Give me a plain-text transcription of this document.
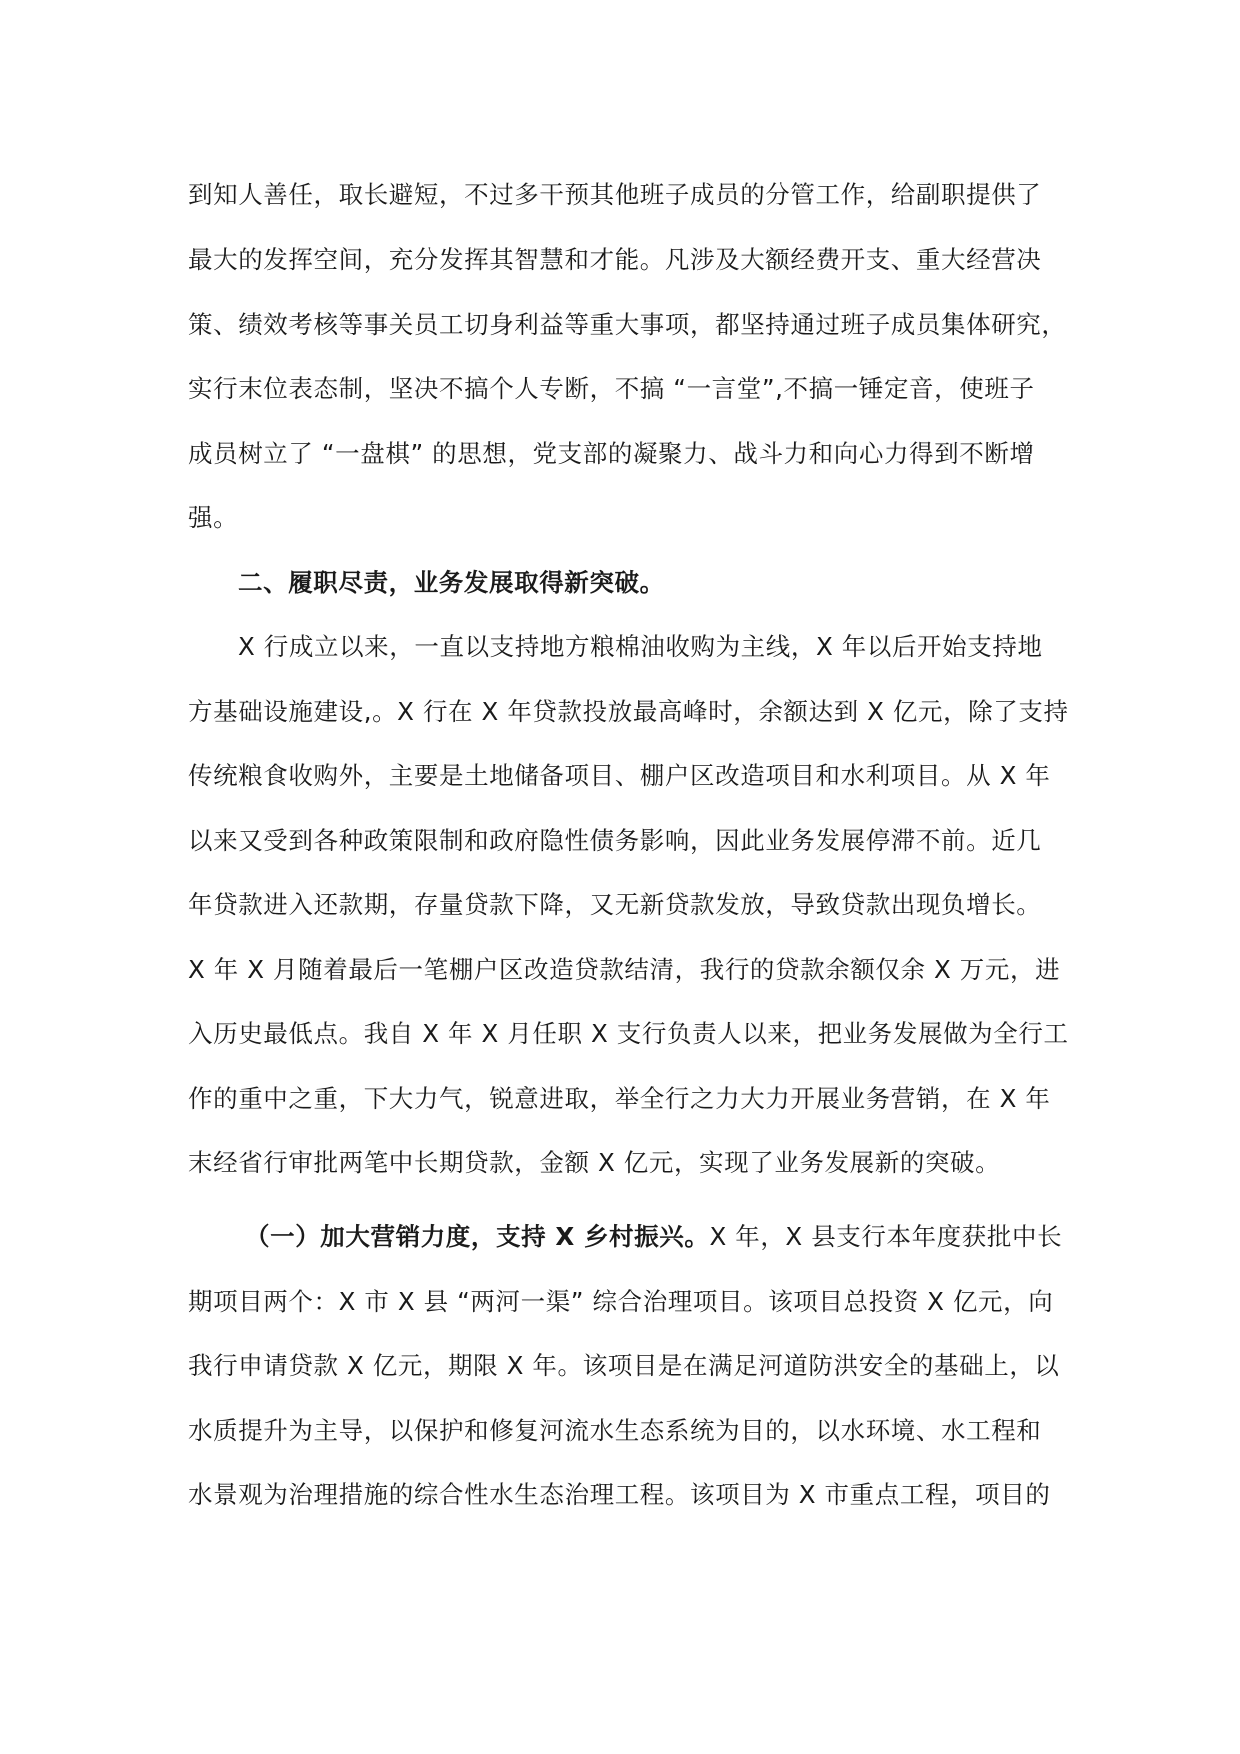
到知人善任，取长避短，不过多干预其他班子成员的分管工作，给副职提供了
最大的发挥空间，充分发挥其智慧和才能。凡涉及大额经费开支、重大经营决
策、绩效考核等事关员工切身利益等重大事项，都坚持通过班子成员集体研究，
实行末位表态制，坚决不搞个人专断，不搞 “一言堂”,不搞一锤定音，使班子
成员树立了 “一盘棋” 的思想，党支部的凝聚力、战斗力和向心力得到不断增
强。
二、履职尽责，业务发展取得新突破。
X 行成立以来，一直以支持地方粮棉油收购为主线，X 年以后开始支持地
方基础设施建设,。X 行在 X 年贷款投放最高峰时，余额达到 X 亿元，除了支持
传统粮食收购外，主要是土地储备项目、棚户区改造项目和水利项目。从 X 年
以来又受到各种政策限制和政府隐性债务影响，因此业务发展停滞不前。近几
年贷款进入还款期，存量贷款下降，又无新贷款发放，导致贷款出现负增长。
X 年 X 月随着最后一笔棚户区改造贷款结清，我行的贷款余额仅余 X 万元，进
入历史最低点。我自 X 年 X 月任职 X 支行负责人以来，把业务发展做为全行工
作的重中之重，下大力气，锐意进取，举全行之力大力开展业务营销，在 X 年
末经省行审批两笔中长期贷款，金额 X 亿元，实现了业务发展新的突破。
（一）加大营销力度，支持 X 乡村振兴。X 年，X 县支行本年度获批中长
期项目两个：X 市 X 县 “两河一渠” 综合治理项目。该项目总投资 X 亿元，向
我行申请贷款 X 亿元，期限 X 年。该项目是在满足河道防洪安全的基础上，以
水质提升为主导，以保护和修复河流水生态系统为目的，以水环境、水工程和
水景观为治理措施的综合性水生态治理工程。该项目为 X 市重点工程，项目的
